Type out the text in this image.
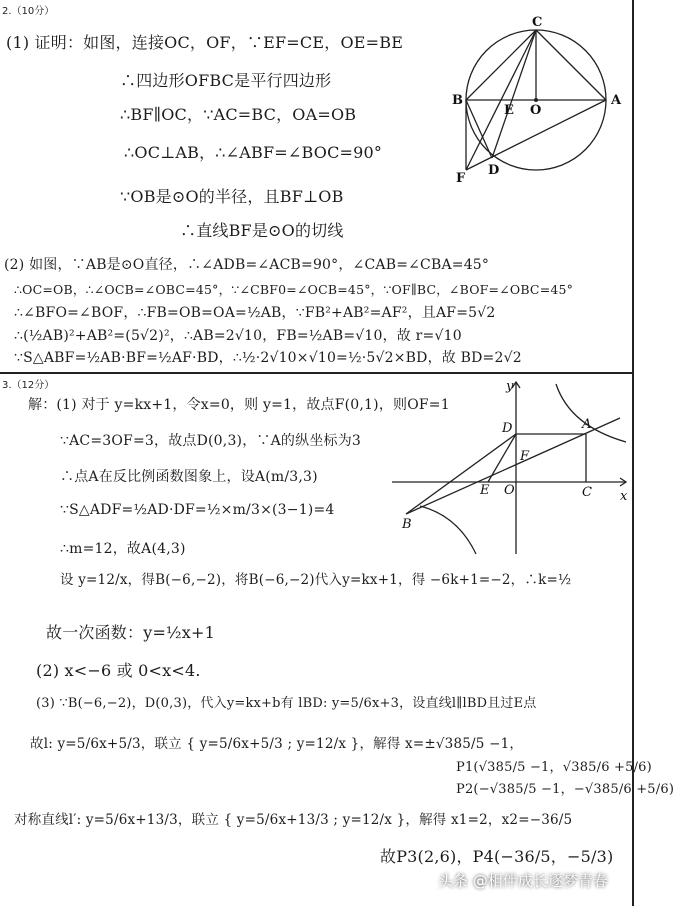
2.（10分）
(1) 证明：如图，连接OC，OF，∵EF=CE，OE=BE
∴四边形OFBC是平行四边形
∴BF∥OC，∵AC=BC，OA=OB
∴OC⊥AB，∴∠ABF=∠BOC=90°
∵OB是⊙O的半径，且BF⊥OB
∴直线BF是⊙O的切线
(2) 如图，∵AB是⊙O直径，∴∠ADB=∠ACB=90°，∠CAB=∠CBA=45°
∴OC=OB，∴∠OCB=∠OBC=45°，∵∠CBF0=∠OCB=45°，∵OF∥BC，∠BOF=∠OBC=45°
∴∠BFO=∠BOF，∴FB=OB=OA=½AB，∵FB²+AB²=AF²，且AF=5√2
∴(½AB)²+AB²=(5√2)²，∴AB=2√10，FB=½AB=√10，故 r=√10
∵S△ABF=½AB·BF=½AF·BD，∴½·2√10×√10=½·5√2×BD，故 BD=2√2
C
B
E O
A
F
D
3.（12分）
解：(1) 对于 y=kx+1，令x=0，则 y=1，故点F(0,1)，则OF=1
∵AC=3OF=3，故点D(0,3)，∵A的纵坐标为3
∴点A在反比例函数图象上，设A(m/3,3)
∵S△ADF=½AD·DF=½×m/3×(3−1)=4
∴m=12，故A(4,3)
设 y=12/x，得B(−6,−2)，将B(−6,−2)代入y=kx+1，得 −6k+1=−2，∴k=½
故一次函数：y=½x+1
(2) x<−6 或 0<x<4.
(3) ∵B(−6,−2)，D(0,3)，代入y=kx+b有 lBD: y=5/6x+3，设直线l∥lBD且过E点
故l: y=5/6x+5/3，联立 { y=5/6x+5/3 ; y=12/x }，解得 x=±√385/5 −1，
P1(√385/5 −1，√385/6 +5/6)
P2(−√385/5 −1，−√385/6 +5/6)
对称直线l′: y=5/6x+13/3，联立 { y=5/6x+13/3 ; y=12/x }，解得 x1=2，x2=−36/5
故P3(2,6)，P4(−36/5，−5/3)
x
y
D	A
F
E O	C
B
头条 @相伴成长逐梦青春
